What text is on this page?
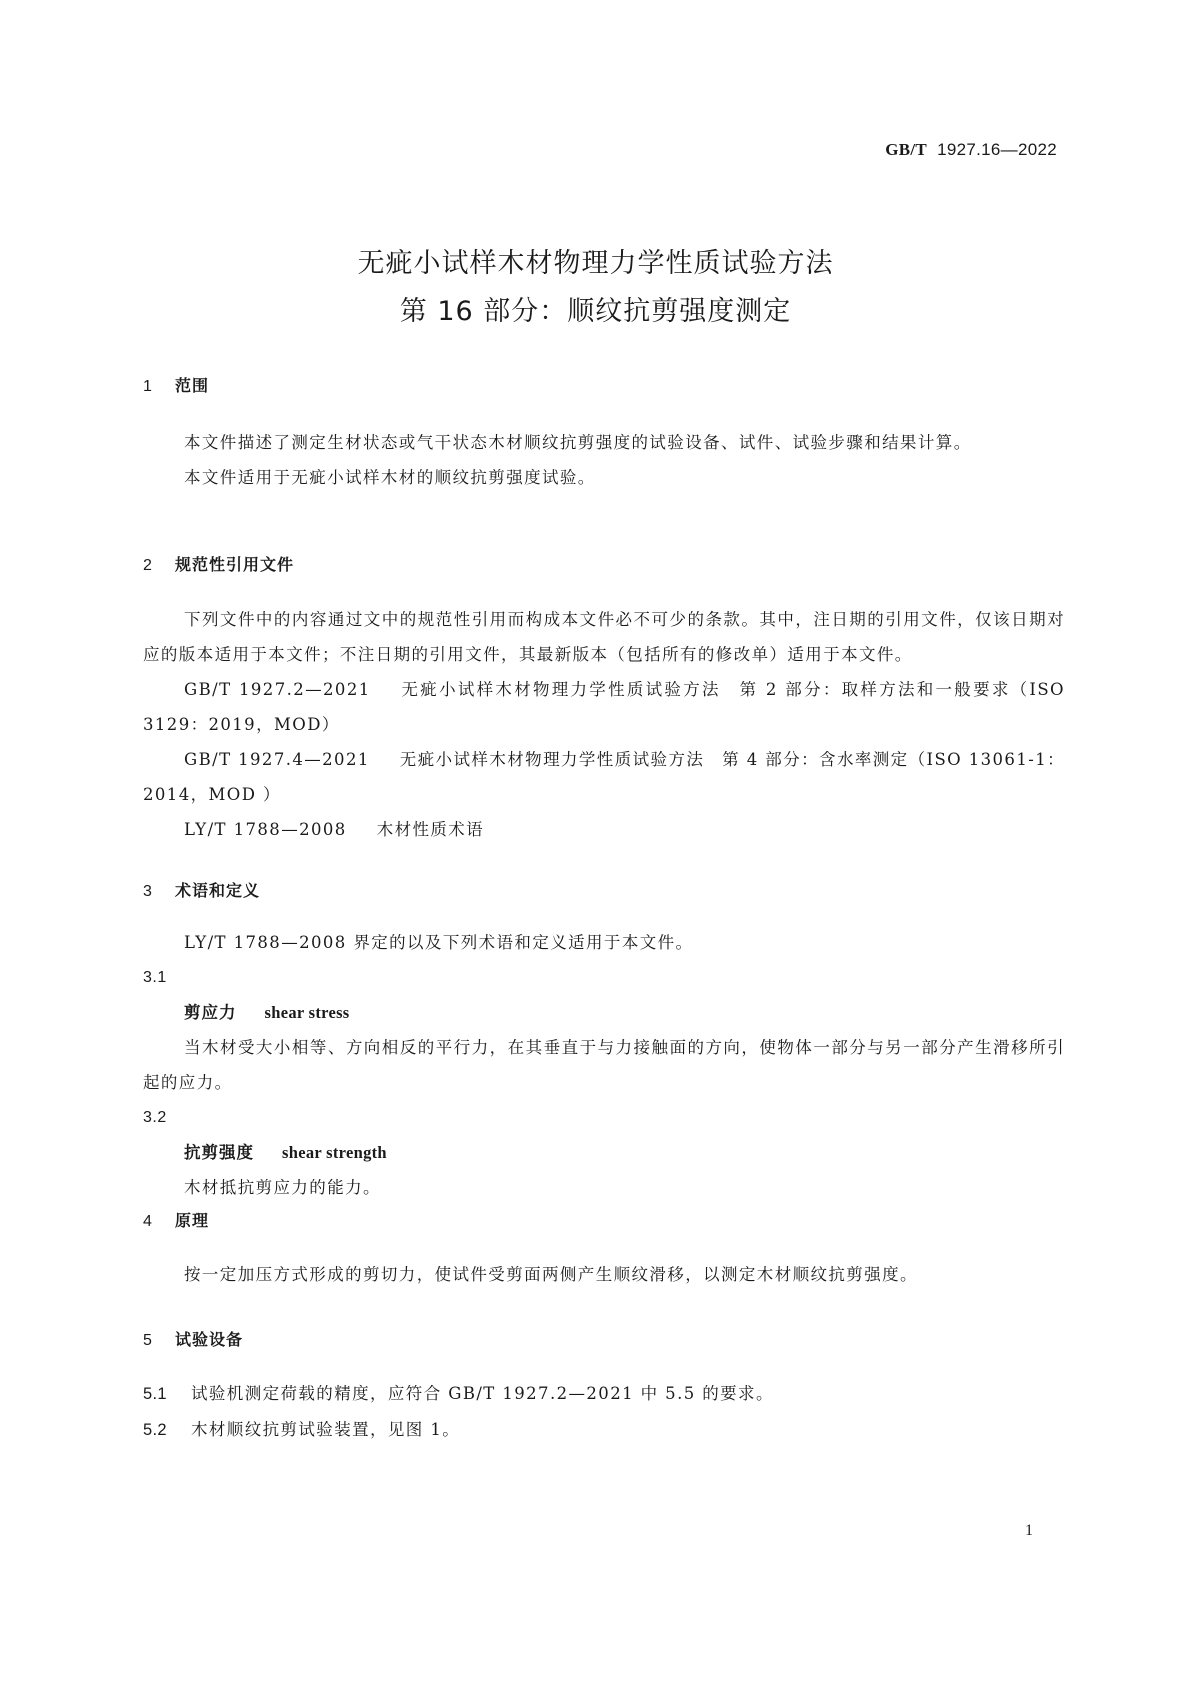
GB/T 1927.16—2022
无疵小试样木材物理力学性质试验方法
第 16 部分：顺纹抗剪强度测定
1 范围

本文件描述了测定生材状态或气干状态木材顺纹抗剪强度的试验设备、试件、试验步骤和结果计算。

本文件适用于无疵小试样木材的顺纹抗剪强度试验。

2 规范性引用文件

下列文件中的内容通过文中的规范性引用而构成本文件必不可少的条款。其中，注日期的引用文件，仅该日期对应的版本适用于本文件；不注日期的引用文件，其最新版本（包括所有的修改单）适用于本文件。

GB/T 1927.2—2021 无疵小试样木材物理力学性质试验方法　第 2 部分：取样方法和一般要求（ISO 3129：2019，MOD）

GB/T 1927.4—2021 无疵小试样木材物理力学性质试验方法　第 4 部分：含水率测定（ISO 13061-1：2014，MOD ）

LY/T 1788—2008 木材性质术语

3 术语和定义

LY/T 1788—2008 界定的以及下列术语和定义适用于本文件。

3.1

剪应力 shear stress

当木材受大小相等、方向相反的平行力，在其垂直于与力接触面的方向，使物体一部分与另一部分产生滑移所引起的应力。

3.2

抗剪强度 shear strength

木材抵抗剪应力的能力。

4 原理

按一定加压方式形成的剪切力，使试件受剪面两侧产生顺纹滑移，以测定木材顺纹抗剪强度。

5 试验设备

5.1 试验机测定荷载的精度，应符合 GB/T 1927.2—2021 中 5.5 的要求。

5.2 木材顺纹抗剪试验装置，见图 1。

1
